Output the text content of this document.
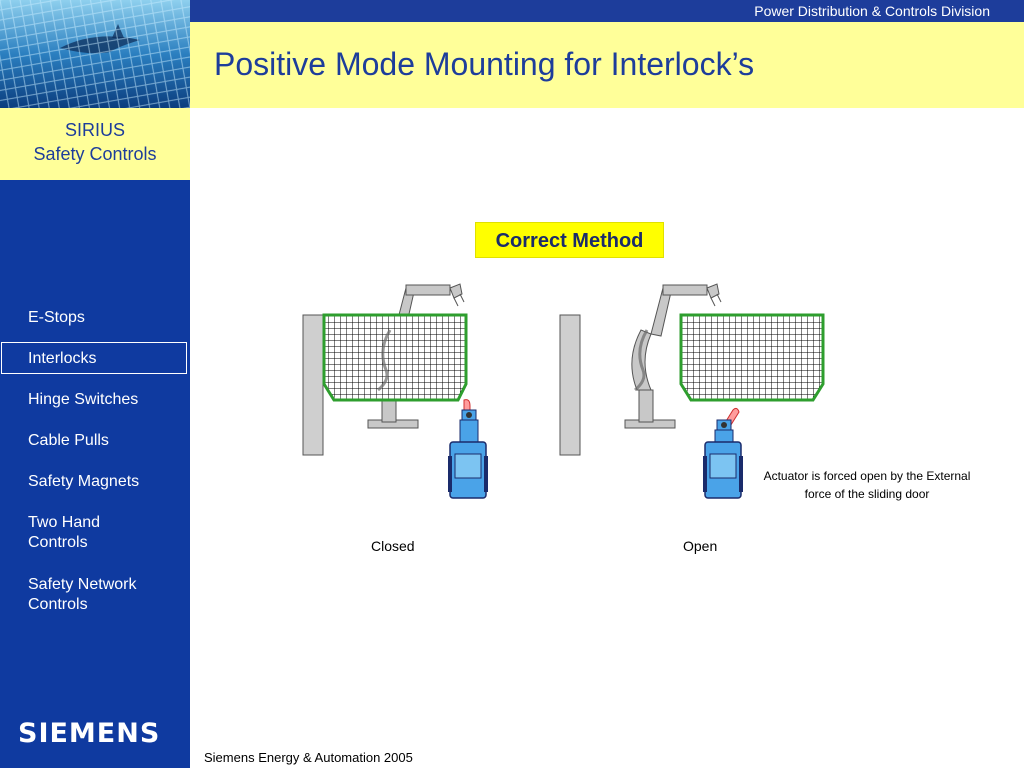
Power Distribution & Controls Division
Positive Mode Mounting for Interlock’s
SIRIUS
Safety Controls
E-Stops
Interlocks
Hinge Switches
Cable Pulls
Safety Magnets
Two Hand Controls
Safety Network Controls
SIEMENS
Correct Method
Closed	Open
Actuator is forced open by the External force of the sliding door
Siemens Energy & Automation 2005
